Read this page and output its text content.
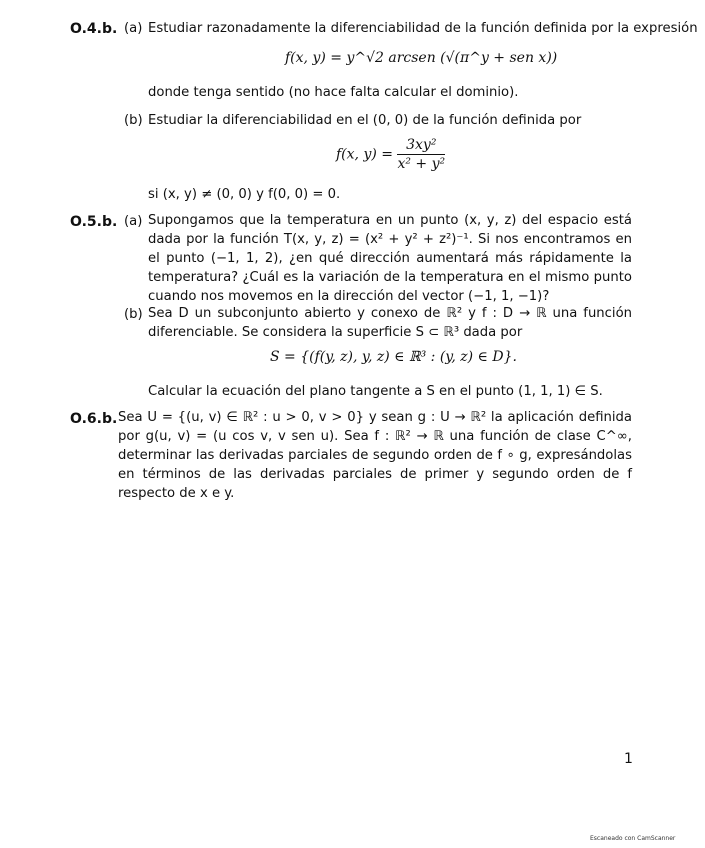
O.4.b. (a) Estudiar razonadamente la diferenciabilidad de la función definida por la expresión
f(x, y) = y^√2 arcsen (√(π^y + sen x))
donde tenga sentido (no hace falta calcular el dominio).
(b) Estudiar la diferenciabilidad en el (0, 0) de la función definida por
f(x, $y) = \frac{\text{3xy²}}{\text{x² + y²}}$
si (x, y) ≠ (0, 0) y f(0, 0) = 0.
O.5.b. (a) Supongamos que la temperatura en un punto (x, y, z) del espacio está dada por la función T(x, y, z) = (x² + y² + z²)⁻¹. Si nos encontramos en el punto (−1, 1, 2), ¿en qué dirección aumentará más rápidamente la temperatura? ¿Cuál es la variación de la temperatura en el mismo punto cuando nos movemos en la dirección del vector (−1, 1, −1)?
(b) Sea D un subconjunto abierto y conexo de ℝ² y f : D → ℝ una función diferenciable. Se considera la superficie S ⊂ ℝ³ dada por
S = {(f(y, z), y, z) ∈ ℝ³ : (y, z) ∈ D}.
Calcular la ecuación del plano tangente a S en el punto (1, 1, 1) ∈ S.
O.6.b. Sea U = {(u, v) ∈ ℝ² : u > 0, v > 0} y sean g : U → ℝ² la aplicación definida por g(u, v) = (u cos v, v sen u). Sea f : ℝ² → ℝ una función de clase C^∞, determinar las derivadas parciales de segundo orden de f ∘ g, expresándolas en términos de las derivadas parciales de primer y segundo orden de f respecto de x e y.
1
Escaneado con CamScanner
